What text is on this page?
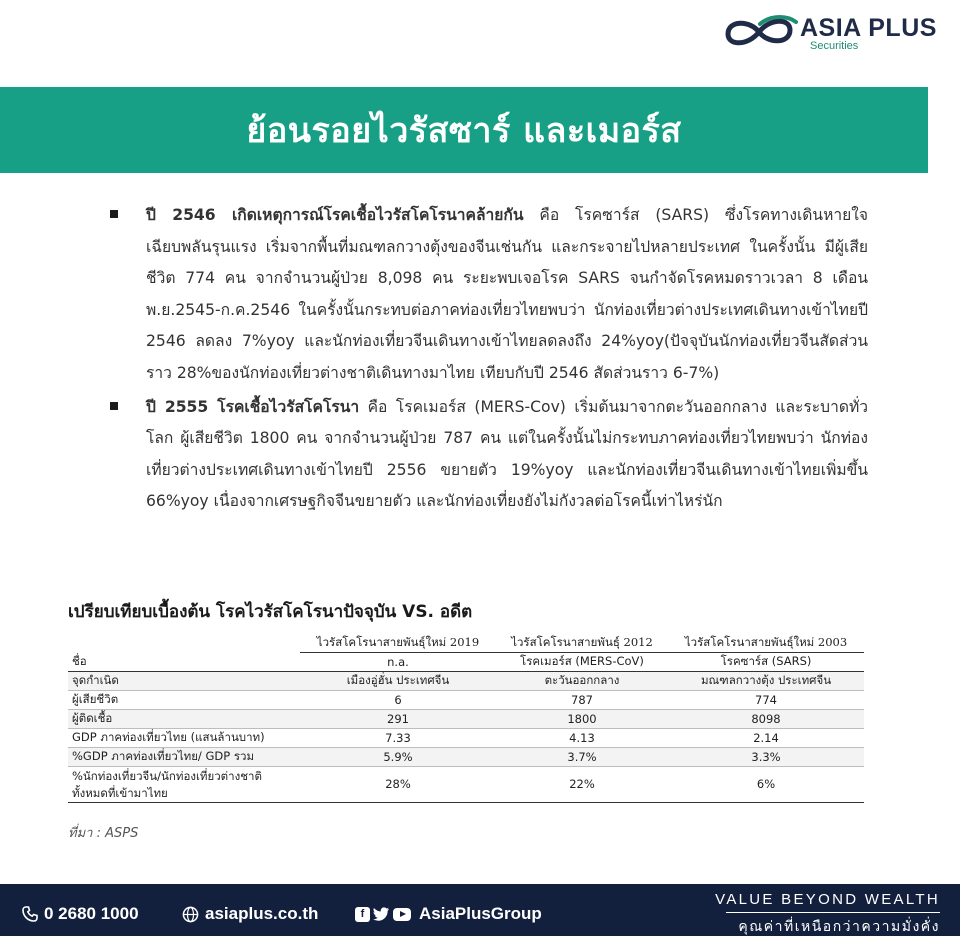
ASIA PLUS
Securities
ย้อนรอยไวรัสซาร์ และเมอร์ส

ปี 2546 เกิดเหตุการณ์โรคเชื้อไวรัสโคโรนาคล้ายกัน คือ โรคซาร์ส (SARS) ซึ่งโรคทางเดินหายใจเฉียบพลันรุนแรง เริ่มจากพื้นที่มณฑลกวางตุ้งของจีนเช่นกัน และกระจายไปหลายประเทศ ในครั้งนั้น มีผู้เสียชีวิต 774 คน จากจำนวนผู้ป่วย 8,098 คน ระยะพบเจอโรค SARS จนกำจัดโรคหมดราวเวลา 8 เดือน พ.ย.2545-ก.ค.2546 ในครั้งนั้นกระทบต่อภาคท่องเที่ยวไทยพบว่า นักท่องเที่ยวต่างประเทศเดินทางเข้าไทยปี 2546 ลดลง 7%yoy และนักท่องเที่ยวจีนเดินทางเข้าไทยลดลงถึง 24%yoy(ปัจจุบันนักท่องเที่ยวจีนสัดส่วนราว 28%ของนักท่องเที่ยวต่างชาติเดินทางมาไทย เทียบกับปี 2546 สัดส่วนราว 6-7%)

ปี 2555 โรคเชื้อไวรัสโคโรนา คือ โรคเมอร์ส (MERS-Cov) เริ่มต้นมาจากตะวันออกกลาง และระบาดทั่วโลก ผู้เสียชีวิต 1800 คน จากจำนวนผู้ป่วย 787 คน แต่ในครั้งนั้นไม่กระทบภาคท่องเที่ยวไทยพบว่า นักท่องเที่ยวต่างประเทศเดินทางเข้าไทยปี 2556 ขยายตัว 19%yoy และนักท่องเที่ยวจีนเดินทางเข้าไทยเพิ่มขึ้น 66%yoy เนื่องจากเศรษฐกิจจีนขยายตัว และนักท่องเที่ยงยังไม่กังวลต่อโรคนี้เท่าไหร่นัก

เปรียบเทียบเบื้องต้น โรคไวรัสโคโรนาปัจจุบัน VS. อดีต
	ไวรัสโคโรนาสายพันธุ์ใหม่ 2019	ไวรัสโคโรนาสายพันธุ์ 2012	ไวรัสโคโรนาสายพันธุ์ใหม่ 2003
ชื่อ	n.a.	โรคเมอร์ส (MERS-CoV)	โรคซาร์ส (SARS)
จุดกำเนิด	เมืองอู่ฮั่น ประเทศจีน	ตะวันออกกลาง	มณฑลกวางตุ้ง ประเทศจีน
ผู้เสียชีวิต	6	787	774
ผู้ติดเชื้อ	291	1800	8098
GDP ภาคท่องเที่ยวไทย (แสนล้านบาท)	7.33	4.13	2.14
%GDP ภาคท่องเที่ยวไทย/ GDP รวม	5.9%	3.7%	3.3%
%นักท่องเที่ยวจีน/นักท่องเที่ยวต่างชาติทั้งหมดที่เข้ามาไทย	28%	22%	6%
ที่มา : ASPS
0 2680 1000	asiaplus.co.th	f	AsiaPlusGroup
VALUE BEYOND WEALTH
คุณค่าที่เหนือกว่าความมั่งคั่ง
